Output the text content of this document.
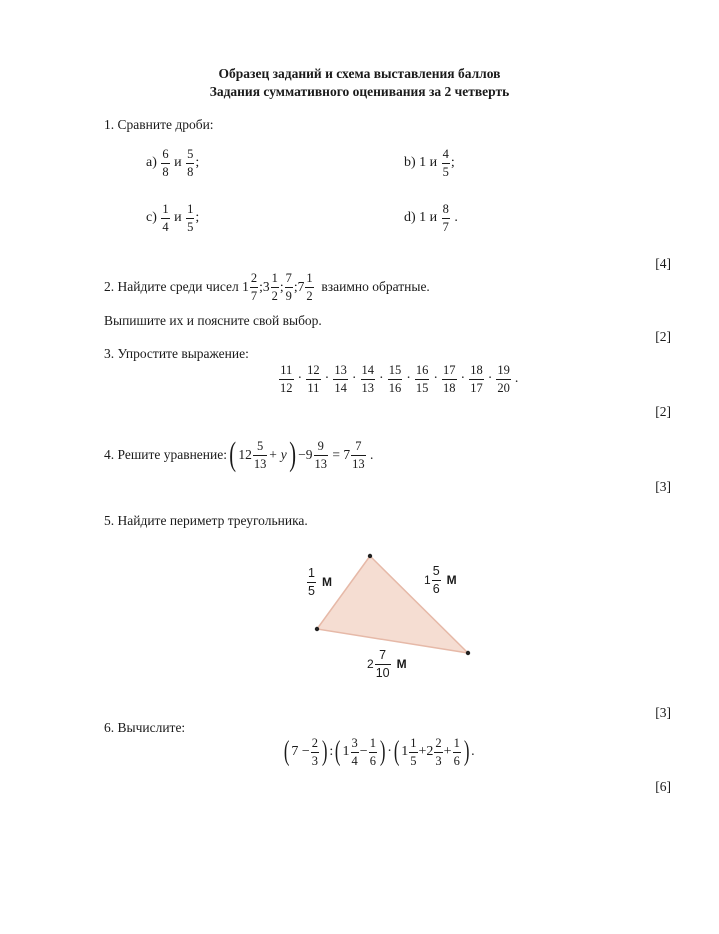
Образец заданий и схема выставления баллов
Задания суммативного оценивания за 2 четверть
1. Сравните дроби:
a)

6
8

и

5
8
;	b) 1 и

4
5
;
c)

1
4

и

1
5
;	d) 1 и

8
7

.
[4]
2. Найдите среди чисел
1
2
7
; 3
1
2
;
7
9
; 7
1
2

взаимно обратные.
Выпишите их и поясните свой выбор.
[2]
3. Упростите выражение:
11
12
·
12
11
·
13
14
·
14
13
·
15
16
·
16
15
·
17
18
·
18
17
·
19
20
.
[2]
4. Решите уравнение: ( 12
5
13
+ y ) $-9 \frac{9}{13}$
= 7
7
13
.
[3]
5. Найдите периметр треугольника.
1
5
М	1
5
6
М
2
7
10
М
[3]
6. Вычислите:
( 7
− $\frac{2}{3}$ ) : ( 1
3
4
− $\frac{1}{6}$ ) · ( 1
1
5
+ 2
2
3
+ $\frac{1}{6}$ ) .
[6]
